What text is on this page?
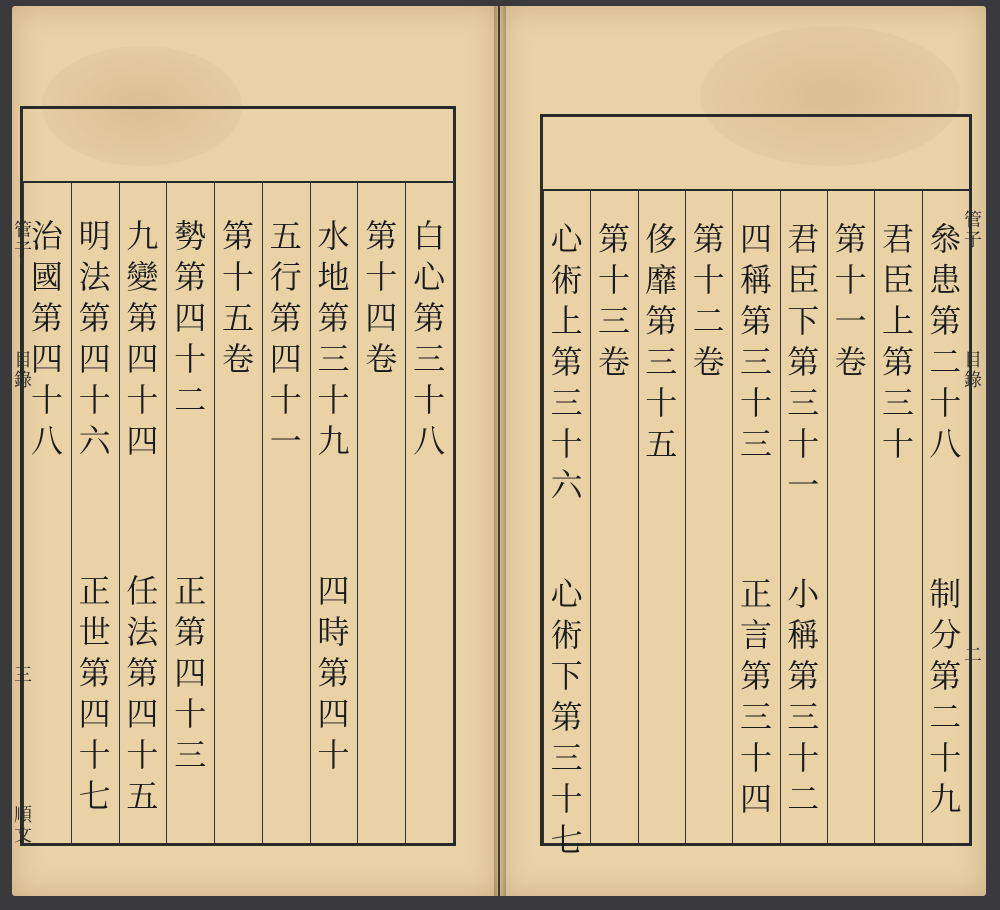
白
心
第
三
十
八
第
十
四
卷
水
地
第
三
十
九
四
時
第
四
十
五
行
第
四
十
一
第
十
五
卷
勢
第
四
十
二
正
第
四
十
三
九
變
第
四
十
四
任
法
第
四
十
五
明
法
第
四
十
六
正
世
第
四
十
七
治
國
第
四
十
八
管子
目錄
三
順文
叅
患
第
二
十
八
制
分
第
二
十
九
君
臣
上
第
三
十
第
十
一
卷
君
臣
下
第
三
十
一
小
稱
第
三
十
二
四
稱
第
三
十
三
正
言
第
三
十
四
第
十
二
卷
侈
靡
第
三
十
五
第
十
三
卷
心
術
上
第
三
十
六
心
術
下
第
三
十
七
管子
目錄
二
